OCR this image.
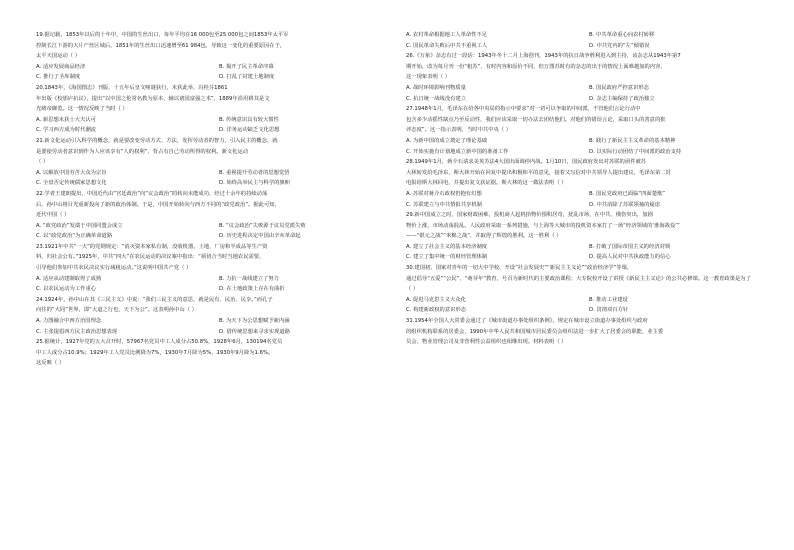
19.据记载，1853年以后的十年中，中国的生丝出口，每年平均在16 000包至25 000包之间1853年太平军
控制长江下游的大片产丝区域后，1851年的生丝出口迅速增至61 984包，导致这一变化的重要原因在于，
太平天国运动（ ）
A. 适应发展商品经济	B. 揭开了民主革命序幕
C. 推行了圣库制度	D. 打乱了封建土地制度
20.1843年，《海国图志》刊版，十五年后皇文哑谜获行，末获此举，冯桂芬1861
年出版《校邠庐抗议》，提出“以中国之伦常名教为原本，辅以诸国富强之术”，1889年沿用耕其是文
光绪帝御览。这一情况反映了当时（ ）
A. 新思想未获士大夫认可	B. 传统意识具有较大惯性
C. 学习西方成为时代潮流	D. 洋务运动缺乏文化思想
21.新文化运动引入科学的概念，就是要改变劳动方式、方法，发挥劳动者的智力，引入民主的概念，就
是要使劳动者意识到作为人应该享有“人的权利”，背占有自己劳动所得的权利。新文化运动
（ ）
A. 以解放中国劳苦大众为宗旨	B. 重视提升劳动者的思想觉悟
C. 全盘否定传统儒家思想文化	D. 始终高举民主与科学的旗帜
22.学者王建朗提出，中国近代由“宫廷政治”向“议会政治”的转向未能成功，经过十余年的持续动荡
后，孙中山将目光重新投向了新的政治体制。于是，中国开始转向与西方不同的“政党政治”。据此可知，
近代中国（ ）
A. “政党政治”发端于中国同盟会成立	B. “议会政治”失败源于议员党派失败
C. 以“政党政治”为正确革命道路	D. 历史进程决定中国由辛亥革命起
23.1921年中共“一大”的党纲规定：“消灭资本家私有制，没收机器、土地、厂房和半成品等生产资
料，归社会公有。”1925年，中共“四大”在农民运动的决议案中指出：“须切合当时当地农民需要，
引导他们参加中共农民决议实行减租运动。”这说明中国共产党（ ）
A. 适应从动建制取得了成熟	B. 力抗一战线建立了努力
C. 以农民运动为工作重心	D. 在土地政策上存在有曲折
24.1924年，孙中山在其《三民主义》中说：“我们三民主义的意思，就是民有、民治、民享。”而孔子
向往的“大同”世界，即“大道之行也，天下为公”。这表明孙中山（ ）
A. 力图融合中西方治国理念	B. 为天下为公思想赋予新内涵
C. 主张提倡西方民主政治思想表现	D. 借传统思想来寻求实现道路
25.据统计，1927年党的五大召开时，57967名党员中工人成分占50.8%，1928年6月，130194名党员
中工人成分占10.9%；1929年工人党员比例降为7%，1930年7月降为5%，1930年9月降为1.6%。
这反映（ ）
A. 农村革命根据地工人革命性不足	B. 中共革命重心向农村转移
C. 国民革命失败后中共不重视工人	D. 中共党内的“左”倾错误
26.《万象》杂志有过一段话：1943年冬十二月上海创刊，1943年的抗日战争胜利进入到主持，该杂志从1943年第7
期开始，改为每月刊一份“租苏”，有时内容和原价不同，但万图苏时有的杂志的出于的情况上面难越加的内容，
这一现象表明（ ）
A. 战时环境影响刊物质量	B. 国民政府严控意识形态
C. 抗日统一战线没有建立	D. 杂志主编保持了政治独立
27.1948年1月，毛泽东在给各中央局的指示中要求“对一切可以争取的中间派，不管他们言论行动中
包含多少动摇性缺点乃至反动性，我们应该采取一切办法去团结他们。对他们的错误言论，采取口头的善意的批
评态度”。这一指示表明，当时中共中央（ ）
A. 为新中国的成立奠定了理论基础	B. 践行了新民主主义革命的基本精神
C. 开始实施有计划地成立新中国的准备工作	D. 以实际行动团结了中间派的政治支持
28.1949年1月，蒋介石请求美英苏法4大国出面调停内战。1月10日，国民政府发出对苏联的函件被苏
大林转发给毛泽东，斯大林开始在回复中提出积极和平的意见，接着又写信对中共领导人提出建议，毛泽东第二封
电报给斯大林回电，并提出复文获证据。斯大林的这一做法表明（ ）
A. 苏联对蒋介石政权仍抱有幻想	B. 国民党政府已面临“四面楚歌”
C. 苏联建立与中共情报共享机制	D. 中共消除了苏联领袖的疑虑
29.新中国成立之时，国家财政困难，投机商人起机抬物价囤积居奇，扰乱市场，在中共、俄伤突出，加剧
物价上涨，市场动荡混乱。人民政府采取一系列措施，与上海等大城市的投机资本家打了一场“经济领域的‘淮海战役’”
——“银元之战”“米棉之战”，并取得了辉煌的胜利。这一胜利（ ）
A. 建立了社会主义的基本经济制度	B. 打破了国际帝国主义的经济封锁
C. 建立了集中统一的财经管理体制	D. 提高人民对中共执政能力的信心
30.建国初，国家对青年的一切大中学校，开设“社会发展史”“新民主主义论”“政治经济学”等课，
通过倡导“五爱”“公民”、“萌芽年”教育，号召为新时代的主要政治课程；大专院校开设了讲授《新民主主义论》的公共必修课。这一教育政策是为了
（ ）
A. 促进马克思主义大众化	B. 推动工业建设
C. 构建新政权的意识形态	D. 贯彻双百方针
31.1954年全国人大常委会通过了《城市街道办事处组织条例》，规定在城市设立街道办事处组织与政府
的组织机构联系的居委会，1990年中华人民共和国城市居民委员会组织法进一步扩大了居委会的职能，业主委
员会、物业管理公司及非营利性公益组织也相继出现。材料表明（ ）
